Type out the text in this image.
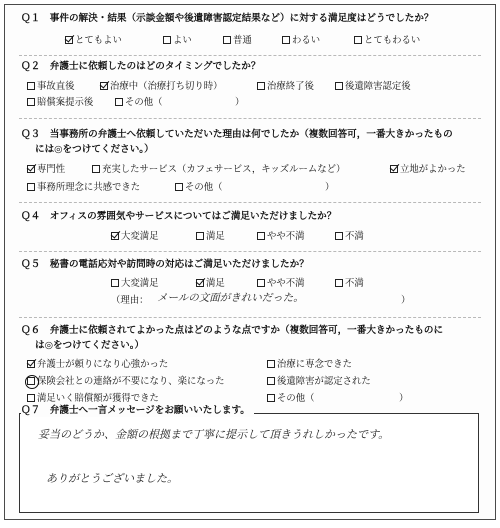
Ｑ１　事件の解決・結果（示談金額や後遺障害認定結果など）に対する満足度はどうでしたか？
とてもよい	よい	普通	わるい	とてもわるい
Ｑ２　弁護士に依頼したのはどのタイミングでしたか？
事故直後	治療中（治療打ち切り時）	治療終了後	後遺障害認定後
賠償案提示後	その他（	）
Ｑ３　当事務所の弁護士へ依頼していただいた理由は何でしたか（複数回答可，一番大きかったもの
には◎をつけてください。）
専門性	充実したサービス（カフェサービス，キッズルームなど）	立地がよかった
事務所理念に共感できた	その他（	）
Ｑ４　オフィスの雰囲気やサービスについてはご満足いただけましたか？
大変満足	満足	やや不満	不満
Ｑ５　秘書の電話応対や訪問時の対応はご満足いただけましたか？
大変満足	満足	やや不満	不満
（理由： メールの文面がきれいだった。	）
Ｑ６　弁護士に依頼されてよかった点はどのような点ですか（複数回答可，一番大きかったものに
は◎をつけてください。）
弁護士が頼りになり心強かった	治療に専念できた
保険会社との連絡が不要になり、楽になった	後遺障害が認定された
満足いく賠償額が獲得できた	その他（	）
Ｑ７　弁護士へ一言メッセージをお願いいたします。
妥当のどうか、金額の根拠まで丁寧に提示して頂きうれしかったです。
ありがとうございました。
